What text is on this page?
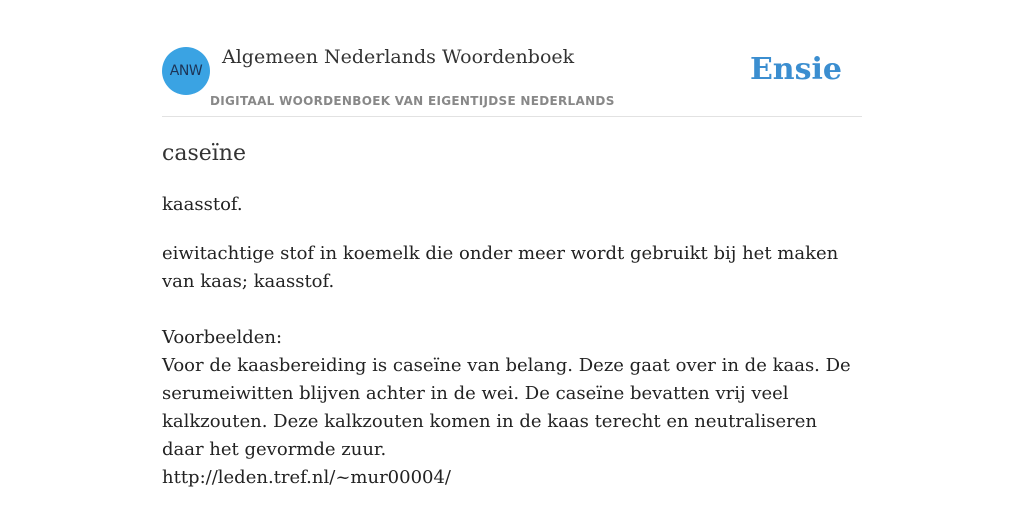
ANW
Algemeen Nederlands Woordenboek
DIGITAAL WOORDENBOEK VAN EIGENTIJDSE NEDERLANDS
Ensie
caseïne
kaasstof.
eiwitachtige stof in koemelk die onder meer wordt gebruikt bij het maken van kaas; kaasstof.

Voorbeelden:
Voor de kaasbereiding is caseïne van belang. Deze gaat over in de kaas. De serumeiwitten blijven achter in de wei. De caseïne bevatten vrij veel kalkzouten. Deze kalkzouten komen in de kaas terecht en neutraliseren daar het gevormde zuur.
http://leden.tref.nl/~mur00004/
